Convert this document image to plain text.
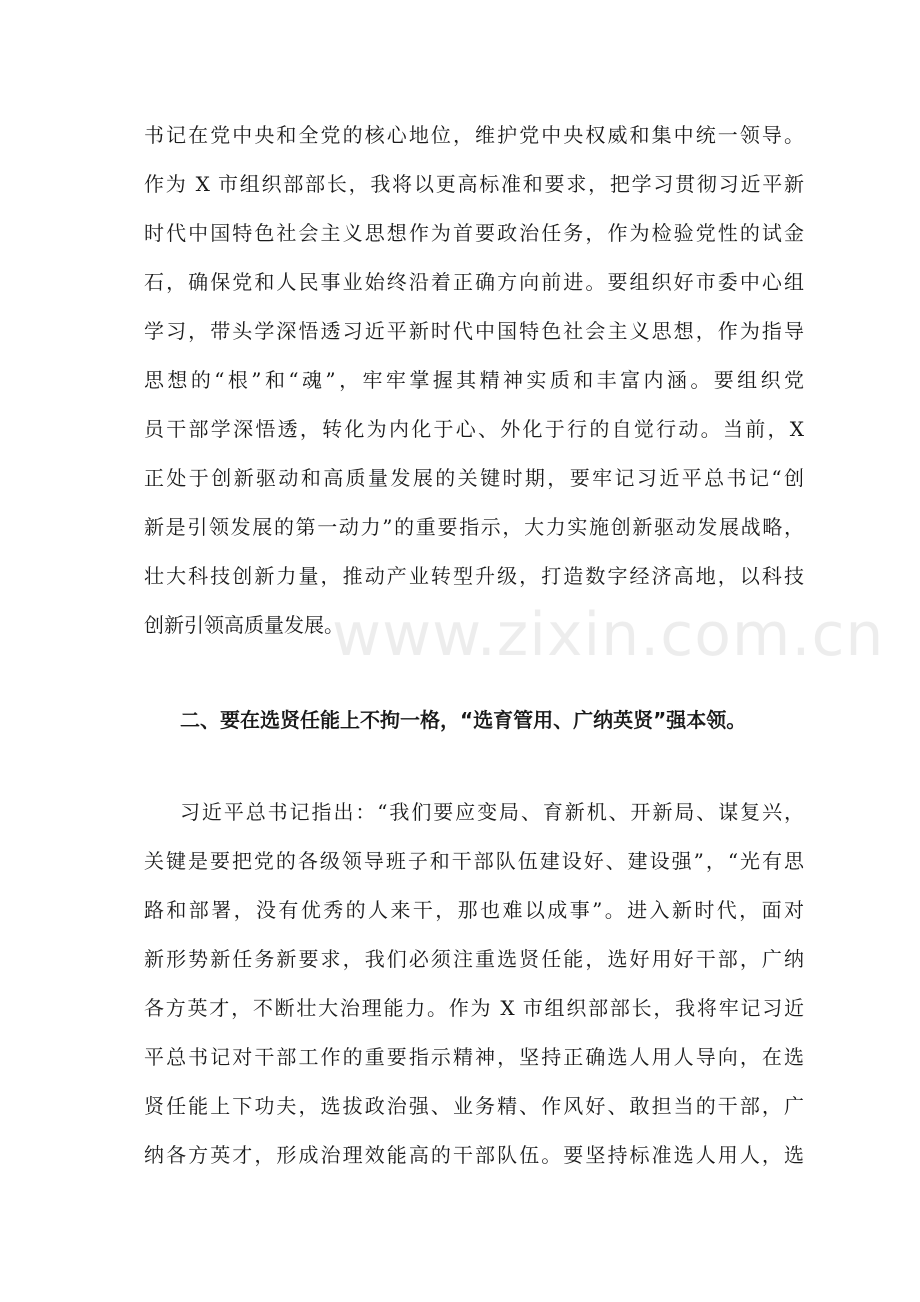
www.zixin.com.cn
书记在党中央和全党的核心地位，维护党中央权威和集中统一领导。
作为 X 市组织部部长，我将以更高标准和要求，把学习贯彻习近平新
时代中国特色社会主义思想作为首要政治任务，作为检验党性的试金
石，确保党和人民事业始终沿着正确方向前进。要组织好市委中心组
学习，带头学深悟透习近平新时代中国特色社会主义思想，作为指导
思想的“根”和“魂”，牢牢掌握其精神实质和丰富内涵。要组织党
员干部学深悟透，转化为内化于心、外化于行的自觉行动。当前，X
正处于创新驱动和高质量发展的关键时期，要牢记习近平总书记“创
新是引领发展的第一动力”的重要指示，大力实施创新驱动发展战略，
壮大科技创新力量，推动产业转型升级，打造数字经济高地，以科技
创新引领高质量发展。
二、要在选贤任能上不拘一格，“选育管用、广纳英贤”强本领。
习近平总书记指出：“我们要应变局、育新机、开新局、谋复兴，
关键是要把党的各级领导班子和干部队伍建设好、建设强”，“光有思
路和部署，没有优秀的人来干，那也难以成事”。进入新时代，面对
新形势新任务新要求，我们必须注重选贤任能，选好用好干部，广纳
各方英才，不断壮大治理能力。作为 X 市组织部部长，我将牢记习近
平总书记对干部工作的重要指示精神，坚持正确选人用人导向，在选
贤任能上下功夫，选拔政治强、业务精、作风好、敢担当的干部，广
纳各方英才，形成治理效能高的干部队伍。要坚持标准选人用人，选
